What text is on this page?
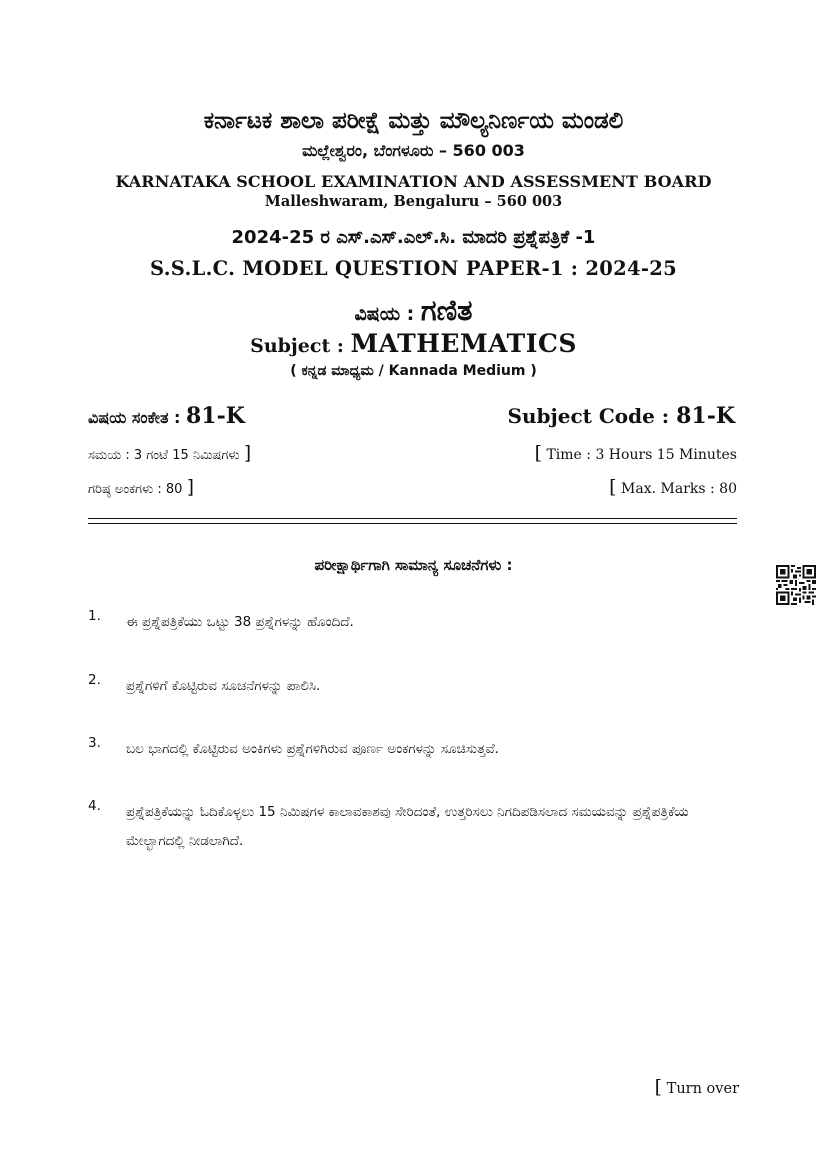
ಕರ್ನಾಟಕ ಶಾಲಾ ಪರೀಕ್ಷೆ ಮತ್ತು ಮೌಲ್ಯನಿರ್ಣಯ ಮಂಡಲಿ
ಮಲ್ಲೇಶ್ವರಂ, ಬೆಂಗಳೂರು – 560 003
KARNATAKA SCHOOL EXAMINATION AND ASSESSMENT BOARD
Malleshwaram, Bengaluru – 560 003
2024-25 ರ ಎಸ್.ಎಸ್.ಎಲ್.ಸಿ. ಮಾದರಿ ಪ್ರಶ್ನೆಪತ್ರಿಕೆ -1
S.S.L.C. MODEL QUESTION PAPER-1 : 2024-25
ವಿಷಯ : ಗಣಿತ
Subject : MATHEMATICS
( ಕನ್ನಡ ಮಾಧ್ಯಮ / Kannada Medium )
ವಿಷಯ ಸಂಕೇತ : 81-K	Subject Code : 81-K
ಸಮಯ : 3 ಗಂಟೆ 15 ನಿಮಿಷಗಳು ]	[ Time : 3 Hours 15 Minutes
ಗರಿಷ್ಠ ಅಂಕಗಳು : 80 ]	[ Max. Marks : 80
ಪರೀಕ್ಷಾರ್ಥಿಗಾಗಿ ಸಾಮಾನ್ಯ ಸೂಚನೆಗಳು :
1.	ಈ ಪ್ರಶ್ನೆಪತ್ರಿಕೆಯು ಒಟ್ಟು 38 ಪ್ರಶ್ನೆಗಳನ್ನು ಹೊಂದಿದೆ.
2.	ಪ್ರಶ್ನೆಗಳಿಗೆ ಕೊಟ್ಟಿರುವ ಸೂಚನೆಗಳನ್ನು ಪಾಲಿಸಿ.
3.	ಬಲ ಭಾಗದಲ್ಲಿ ಕೊಟ್ಟಿರುವ ಅಂಕಿಗಳು ಪ್ರಶ್ನೆಗಳಿಗಿರುವ ಪೂರ್ಣ ಅಂಕಗಳನ್ನು ಸೂಚಿಸುತ್ತವೆ.
4.	ಪ್ರಶ್ನೆಪತ್ರಿಕೆಯನ್ನು ಓದಿಕೊಳ್ಳಲು 15 ನಿಮಿಷಗಳ ಕಾಲಾವಕಾಶವು ಸೇರಿದಂತೆ, ಉತ್ತರಿಸಲು ನಿಗದಿಪಡಿಸಲಾದ ಸಮಯವನ್ನು ಪ್ರಶ್ನೆಪತ್ರಿಕೆಯ ಮೇಲ್ಭಾಗದಲ್ಲಿ ನೀಡಲಾಗಿದೆ.
[ Turn over
